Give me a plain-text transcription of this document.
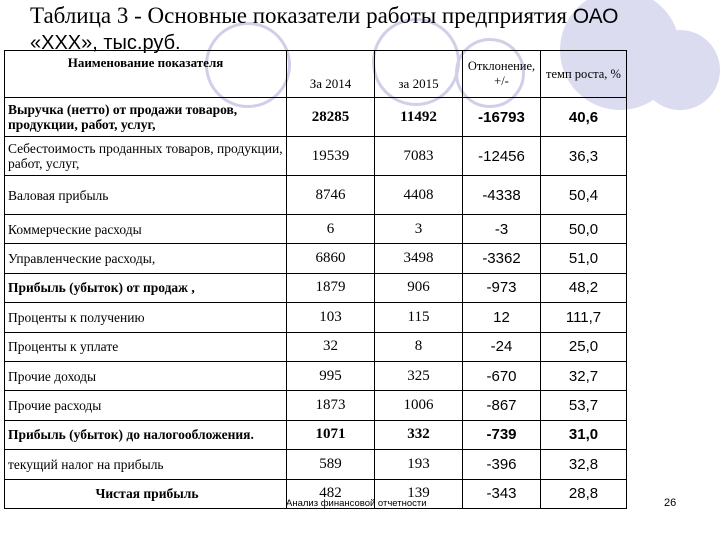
Таблица 3 - Основные показатели работы предприятия ОАО
«ХХХ», тыс.руб.
Наименование показателя	За 2014	за 2015	Отклонение, +/-	темп роста, %
Выручка (нетто) от продажи товаров, продукции, работ, услуг,	28285	11492	-16793	40,6
Себестоимость проданных товаров, продукции, работ, услуг,	19539	7083	-12456	36,3
Валовая прибыль	8746	4408	-4338	50,4
Коммерческие расходы	6	3	-3	50,0
Управленческие расходы,	6860	3498	-3362	51,0
Прибыль (убыток) от продаж ,	1879	906	-973	48,2
Проценты к получению	103	115	12	111,7
Проценты к уплате	32	8	-24	25,0
Прочие доходы	995	325	-670	32,7
Прочие расходы	1873	1006	-867	53,7
Прибыль (убыток) до налогообложения.	1071	332	-739	31,0
текущий налог на прибыль	589	193	-396	32,8
Чистая прибыль	482	139	-343	28,8
Анализ финансовой отчетности	26
